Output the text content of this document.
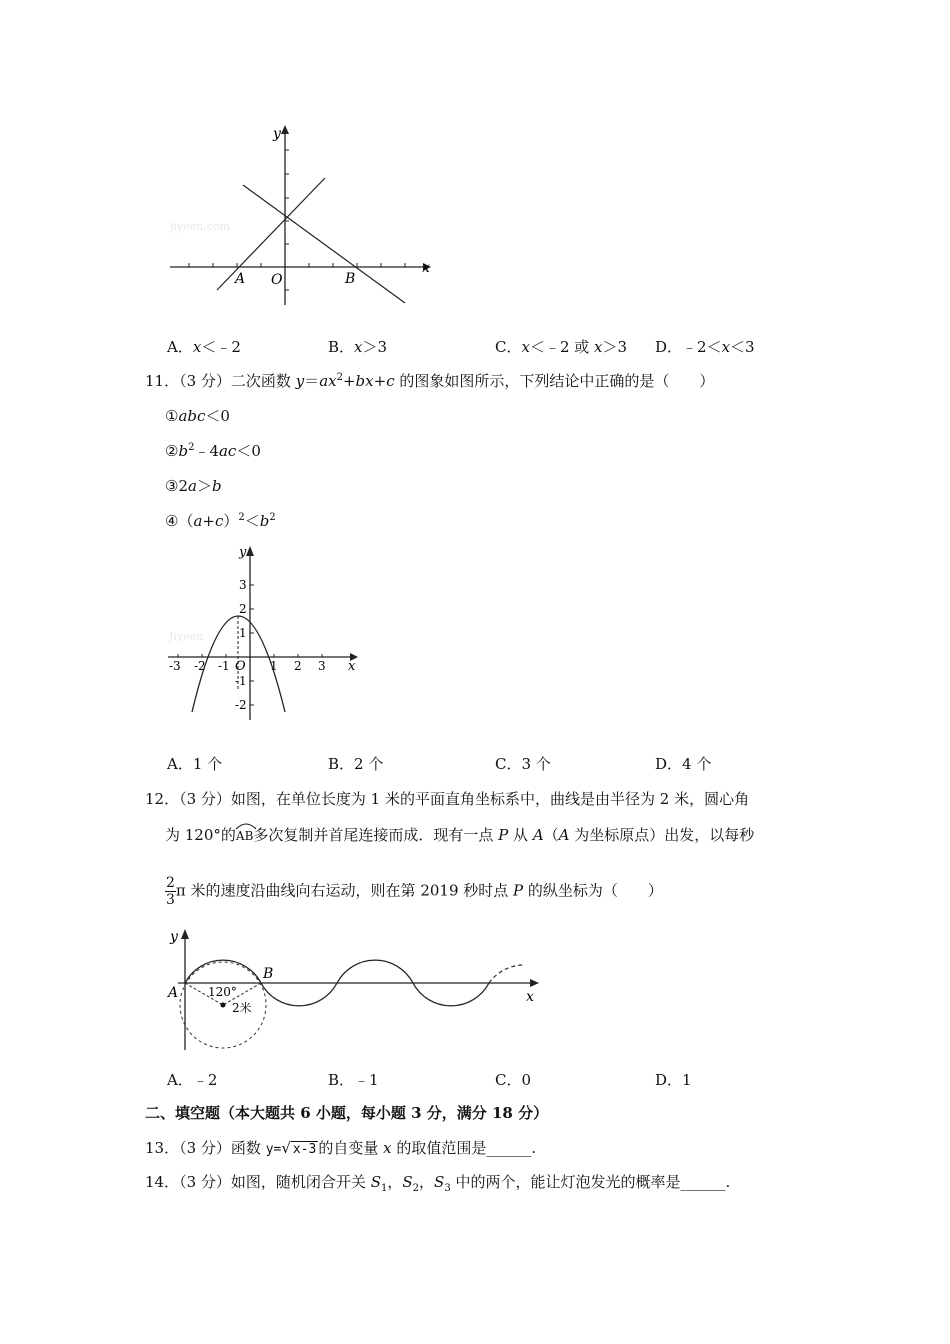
jiyeen.com
y
x
A O	B
A．x＜﹣2	B．x＞3	C．x＜﹣2 或 x＞3 D．﹣2＜x＜3
11．（3 分）二次函数 $y=ax^2+bx+c$ 的图象如图所示，下列结论中正确的是（　　）
①abc＜0
$②b^2﹣4ac<0$
③2a＞b
$④(a+c)^2<b^2$
Jiyeen
y
x
O
3
2
1
-1
-2
-3 -2 -1	1 2 3
A．1 个	B．2 个	C．3 个	D．4 个
12．（3 分）如图，在单位长度为 1 米的平面直角坐标系中，曲线是由半径为 2 米，圆心角
为 120°的
AB多次复制并首尾连接而成．现有一点 P 从 A（A 为坐标原点）出发，以每秒
$\frac{2}{3}$ π 米的速度沿曲线向右运动，则在第 2019 秒时点 P 的纵坐标为（　　）
y
x
A
B
120°
2米
A．﹣2	B．﹣1	C．0	D．1
二、填空题（本大题共 6 小题，每小题 3 分，满分 18 分）
13．（3 分）函数 y=√ x-3 的自变量 x 的取值范围是______.
14．（3 分）如图，随机闭合开关 $S_1$，$S_2$，$S_3$ 中的两个，能让灯泡发光的概率是______.
